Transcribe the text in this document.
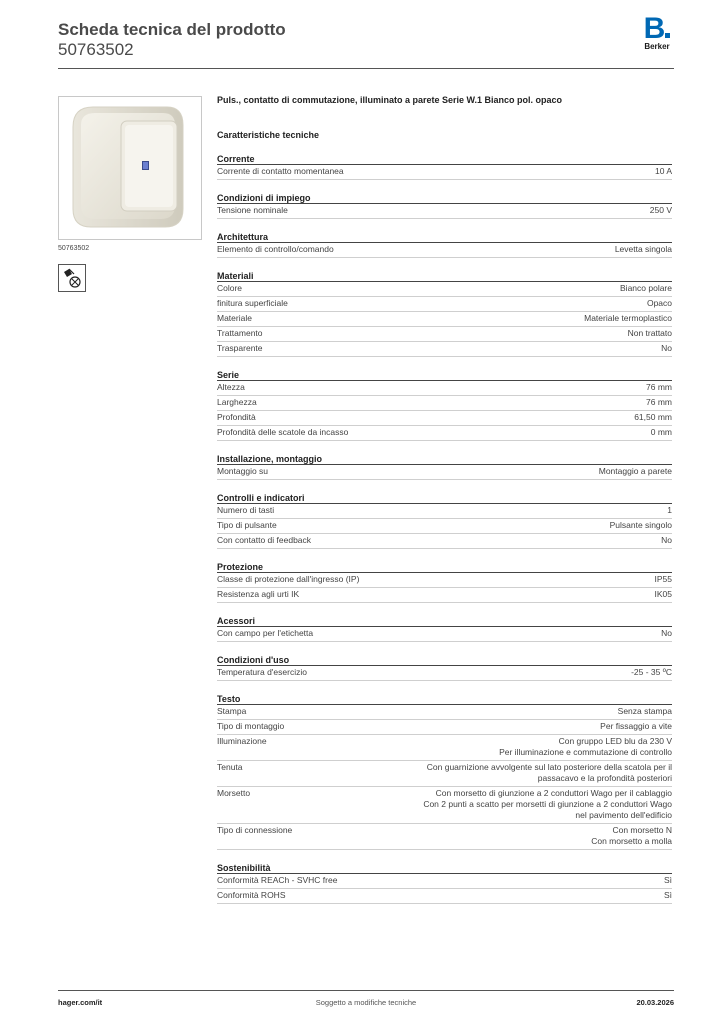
Scheda tecnica del prodotto
50763502
B
Berker
50763502
Puls., contatto di commutazione, illuminato a parete Serie W.1 Bianco pol. opaco
Caratteristiche tecniche
Corrente
Corrente di contatto momentanea	10 A
Condizioni di impiego
Tensione nominale	250 V
Architettura
Elemento di controllo/comando	Levetta singola
Materiali
Colore	Bianco polare
finitura superficiale	Opaco
Materiale	Materiale termoplastico
Trattamento	Non trattato
Trasparente	No
Serie
Altezza	76 mm
Larghezza	76 mm
Profondità	61,50 mm
Profondità delle scatole da incasso	0 mm
Installazione, montaggio
Montaggio su	Montaggio a parete
Controlli e indicatori
Numero di tasti	1
Tipo di pulsante	Pulsante singolo
Con contatto di feedback	No
Protezione
Classe di protezione dall'ingresso (IP)	IP55
Resistenza agli urti IK	IK05
Acessori
Con campo per l'etichetta	No
Condizioni d'uso
Temperatura d'esercizio	-25 - 35 ºC
Testo
Stampa	Senza stampa
Tipo di montaggio	Per fissaggio a vite
Illuminazione	Con gruppo LED blu da 230 V
Per illuminazione e commutazione di controllo
Tenuta	Con guarnizione avvolgente sul lato posteriore della scatola per il
passacavo e la profondità posteriori
Morsetto	Con morsetto di giunzione a 2 conduttori Wago per il cablaggio
Con 2 punti a scatto per morsetti di giunzione a 2 conduttori Wago
nel pavimento dell'edificio
Tipo di connessione	Con morsetto N
Con morsetto a molla
Sostenibilità
Conformità REACh - SVHC free	Sì
Conformità ROHS	Sì
hager.com/it	Soggetto a modifiche tecniche	20.03.2026
